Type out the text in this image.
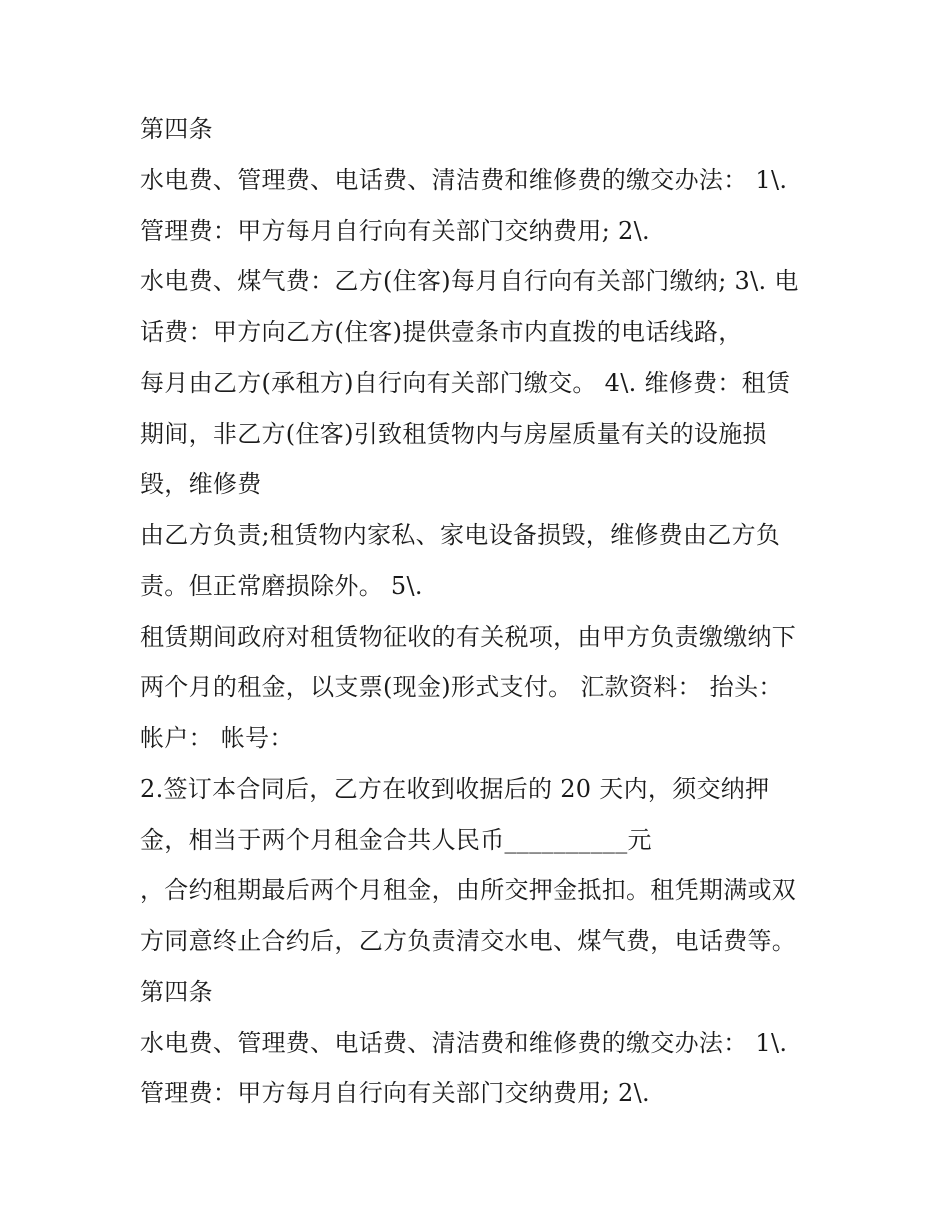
第四条
水电费、管理费、电话费、清洁费和维修费的缴交办法： 1\.
管理费：甲方每月自行向有关部门交纳费用; 2\.
水电费、煤气费：乙方(住客)每月自行向有关部门缴纳; 3\. 电
话费：甲方向乙方(住客)提供壹条市内直拨的电话线路，
每月由乙方(承租方)自行向有关部门缴交。 4\. 维修费：租赁
期间，非乙方(住客)引致租赁物内与房屋质量有关的设施损
毁，维修费
由乙方负责;租赁物内家私、家电设备损毁，维修费由乙方负
责。但正常磨损除外。 5\.
租赁期间政府对租赁物征收的有关税项，由甲方负责缴缴纳下
两个月的租金，以支票(现金)形式支付。 汇款资料： 抬头：
帐户： 帐号：
2.签订本合同后，乙方在收到收据后的 20 天内，须交纳押
金，相当于两个月租金合共人民币__________元
，合约租期最后两个月租金，由所交押金抵扣。租凭期满或双
方同意终止合约后，乙方负责清交水电、煤气费，电话费等。
第四条
水电费、管理费、电话费、清洁费和维修费的缴交办法： 1\.
管理费：甲方每月自行向有关部门交纳费用; 2\.
